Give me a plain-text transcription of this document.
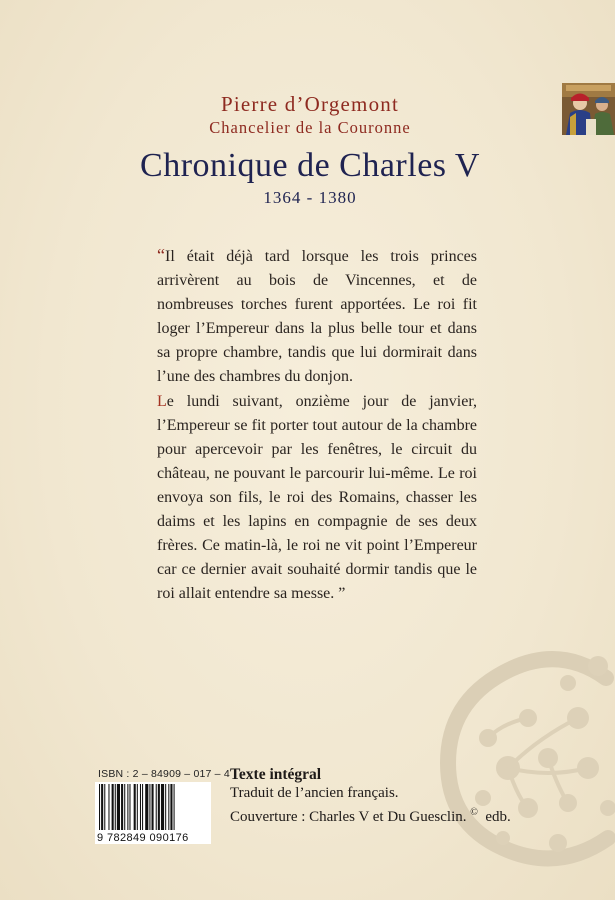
Pierre d’Orgemont
Chancelier de la Couronne
Chronique de Charles V
1364 - 1380

“Il était déjà tard lorsque les trois princes arrivèrent au bois de Vincennes, et de nombreuses torches furent apportées. Le roi fit loger l’Empereur dans la plus belle tour et dans sa propre chambre, tandis que lui dormirait dans l’une des chambres du donjon.

Le lundi suivant, onzième jour de janvier, l’Empereur se fit porter tout autour de la chambre pour apercevoir par les fenêtres, le circuit du château, ne pouvant le parcourir lui-même. Le roi envoya son fils, le roi des Romains, chasser les daims et les lapins en compagnie de ses deux frères. Ce matin-là, le roi ne vit point l’Empereur car ce dernier avait souhaité dormir tandis que le roi allait entendre sa messe. ”

ISBN : 2 – 84909 – 017 – 4
9 782849 090176
Texte intégral
Traduit de l’ancien français.
Couverture : Charles V et Du Guesclin. © edb.
